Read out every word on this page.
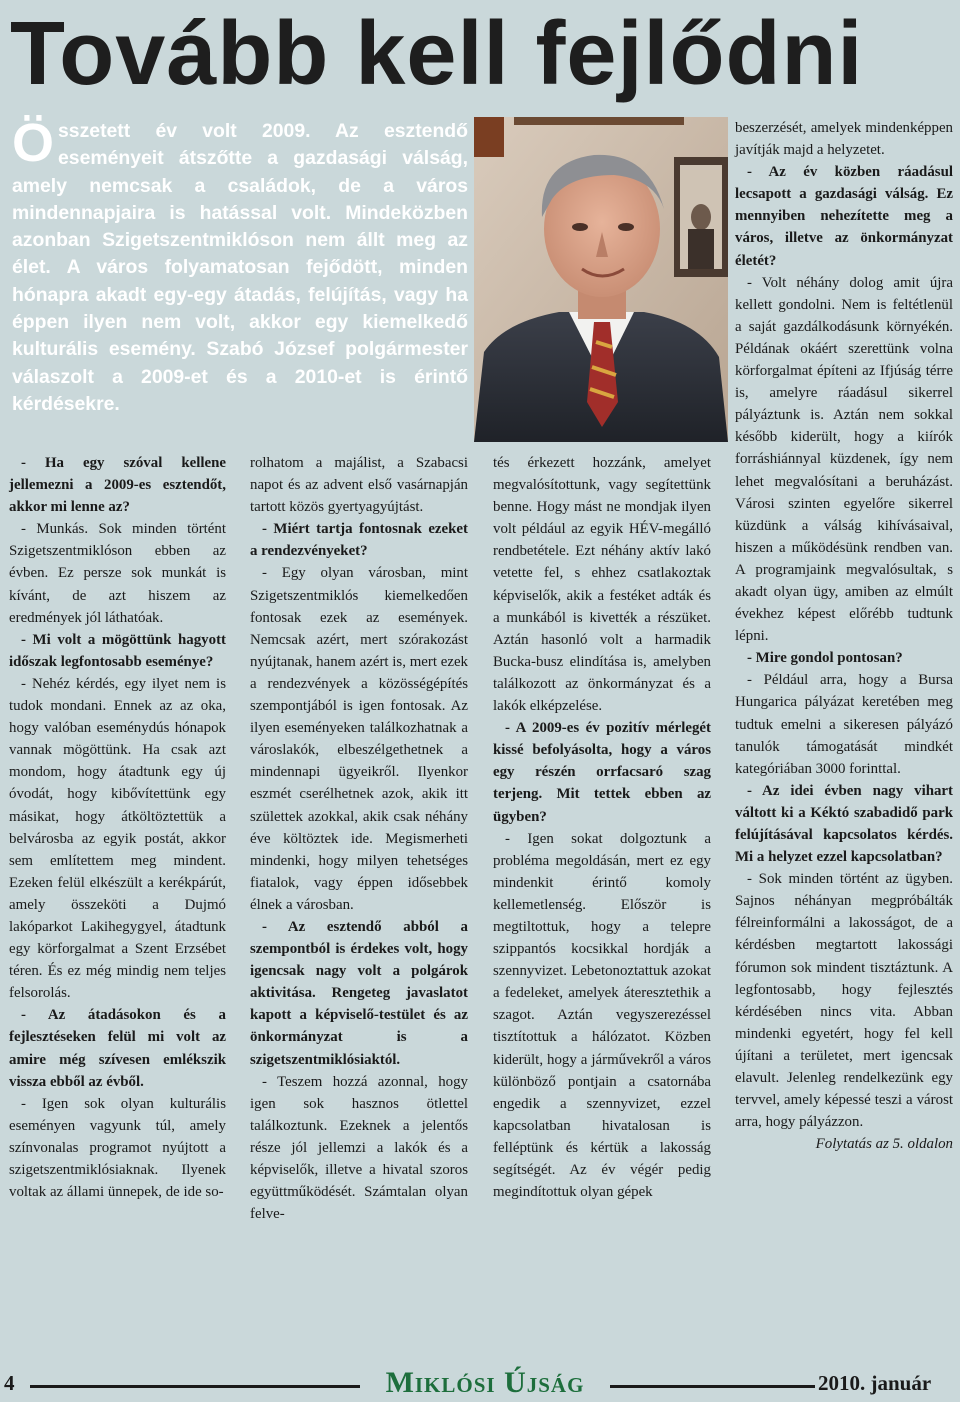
Tovább kell fejlődni
Ö sszetett év volt 2009. Az esztendő eseményeit átszőtte a gazdasági válság, amely nemcsak a családok, de a város mindennapjaira is hatással volt. Mindeközben azonban Szigetszentmiklóson nem állt meg az élet. A város folyamatosan fejődött, minden hónapra akadt egy-egy átadás, felújítás, vagy ha éppen ilyen nem volt, akkor egy kiemelkedő kulturális esemény. Szabó József polgármester válaszolt a 2009-et és a 2010-et is érintő kérdésekre.

- Ha egy szóval kellene jellemezni a 2009-es esztendőt, akkor mi lenne az?

- Munkás. Sok minden történt Szigetszentmiklóson ebben az évben. Ez persze sok munkát is kívánt, de azt hiszem az eredmények jól láthatóak.

- Mi volt a mögöttünk hagyott időszak legfontosabb eseménye?

- Nehéz kérdés, egy ilyet nem is tudok mondani. Ennek az az oka, hogy valóban eseménydús hónapok vannak mögöttünk. Ha csak azt mondom, hogy átadtunk egy új óvodát, hogy kibővítettünk egy másikat, hogy átköltöztettük a belvárosba az egyik postát, akkor sem említettem meg mindent. Ezeken felül elkészült a kerékpárút, amely összeköti a Dujmó lakóparkot Lakihegygyel, átadtunk egy körforgalmat a Szent Erzsébet téren. És ez még mindig nem teljes felsorolás.

- Az átadásokon és a fejlesztéseken felül mi volt az amire még szívesen emlékszik vissza ebből az évből.

- Igen sok olyan kulturális eseményen vagyunk túl, amely színvonalas programot nyújtott a szigetszentmiklósiaknak. Ilyenek voltak az állami ünnepek, de ide so-

rolhatom a majálist, a Szabacsi napot és az advent első vasárnapján tartott közös gyertyagyújtást.

- Miért tartja fontosnak ezeket a rendezvényeket?

- Egy olyan városban, mint Szigetszentmiklós kiemelkedően fontosak ezek az események. Nemcsak azért, mert szórakozást nyújtanak, hanem azért is, mert ezek a rendezvények a közösségépítés szempontjából is igen fontosak. Az ilyen eseményeken találkozhatnak a városlakók, elbeszélgethetnek a mindennapi ügyeikről. Ilyenkor eszmét cserélhetnek azok, akik itt születtek azokkal, akik csak néhány éve költöztek ide. Megismerheti mindenki, hogy milyen tehetséges fiatalok, vagy éppen idősebbek élnek a városban.

- Az esztendő abból a szempontból is érdekes volt, hogy igencsak nagy volt a polgárok aktivitása. Rengeteg javaslatot kapott a képviselő-testület és az önkormányzat is a szigetszentmiklósiaktól.

- Teszem hozzá azonnal, hogy igen sok hasznos ötlettel találkoztunk. Ezeknek a jelentős része jól jellemzi a lakók és a képviselők, illetve a hivatal szoros együttműködését. Számtalan olyan felve-

tés érkezett hozzánk, amelyet megvalósítottunk, vagy segítettünk benne. Hogy mást ne mondjak ilyen volt például az egyik HÉV-megálló rendbetétele. Ezt néhány aktív lakó vetette fel, s ehhez csatlakoztak képviselők, akik a festéket adták és a munkából is kivették a részüket. Aztán hasonló volt a harmadik Bucka-busz elindítása is, amelyben találkozott az önkormányzat és a lakók elképzelése.

- A 2009-es év pozitív mérlegét kissé befolyásolta, hogy a város egy részén orrfacsaró szag terjeng. Mit tettek ebben az ügyben?

- Igen sokat dolgoztunk a probléma megoldásán, mert ez egy mindenkit érintő komoly kellemetlenség. Először is megtiltottuk, hogy a telepre szippantós kocsikkal hordják a szennyvizet. Lebetonoztattuk azokat a fedeleket, amelyek áteresztethik a szagot. Aztán vegyszerezéssel tisztítottuk a hálózatot. Közben kiderült, hogy a járművekről a város különböző pontjain a csatornába engedik a szennyvizet, ezzel kapcsolatban hivatalosan is felléptünk és kértük a lakosság segítségét. Az év végér pedig megindítottuk olyan gépek

beszerzését, amelyek mindenképpen javítják majd a helyzetet.

- Az év közben ráadásul lecsapott a gazdasági válság. Ez mennyiben nehezítette meg a város, illetve az önkormányzat életét?

- Volt néhány dolog amit újra kellett gondolni. Nem is feltétlenül a saját gazdálkodásunk környékén. Példának okáért szerettünk volna körforgalmat építeni az Ifjúság térre is, amelyre ráadásul sikerrel pályáztunk is. Aztán nem sokkal később kiderült, hogy a kiírók forráshiánnyal küzdenek, így nem lehet megvalósítani a beruházást. Városi szinten egyelőre sikerrel küzdünk a válság kihívásaival, hiszen a működésünk rendben van. A programjaink megvalósultak, s akadt olyan ügy, amiben az elmúlt évekhez képest előrébb tudtunk lépni.

- Mire gondol pontosan?

- Például arra, hogy a Bursa Hungarica pályázat keretében meg tudtuk emelni a sikeresen pályázó tanulók támogatását mindkét kategóriában 3000 forinttal.

- Az idei évben nagy vihart váltott ki a Kéktó szabadidő park felújításával kapcsolatos kérdés. Mi a helyzet ezzel kapcsolatban?

- Sok minden történt az ügyben. Sajnos néhányan megpróbálták félreinformálni a lakosságot, de a kérdésben megtartott lakossági fórumon sok mindent tisztáztunk. A legfontosabb, hogy fejlesztés kérdésében nincs vita. Abban mindenki egyetért, hogy fel kell újítani a területet, mert igencsak elavult. Jelenleg rendelkezünk egy tervvel, amely képessé teszi a várost arra, hogy pályázzon.

Folytatás az 5. oldalon

4	Miklósi Újság	2010. január
